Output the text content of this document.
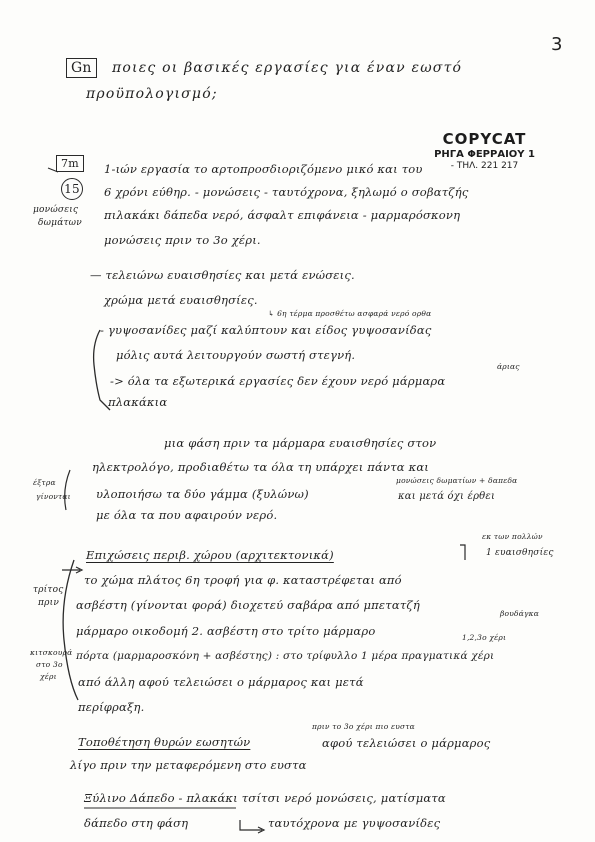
3
COPYCAT
ΡΗΓΑ ΦΕΡΡΑΙΟΥ 1
- ΤΗΛ. 221 217
Gn	ποιες οι βασικές εργασίες για έναν εωστό
προϋπολογισμό;
7m
15
μονώσεις
δωμάτων
έξτρα
γίνονται
τρίτος
πριν
κιτσκουρά
στο 3ο
χέρι
1-ιών εργασία το αρτοπροσδιοριζόμενο μικό και του
6 χρόνι εύθηρ. - μονώσεις - ταυτόχρονα, ξηλωμό ο σοβατζής
πιλακάκι δάπεδα νερό, άσφαλτ επιφάνεια - μαρμαρόσκονη
μονώσεις πριν το 3ο χέρι.
— τελειώνω ευαισθησίες και μετά ενώσεις.
χρώμα μετά ευαισθησίες.
↳ 6η τέρμα προσθέτω ασφαρά νερό ορθα
- γυψοσανίδες μαζί καλύπτουν και είδος γυψοσανίδας
μόλις αυτά λειτουργούν σωστή στεγνή.
-> όλα τα εξωτερικά εργασίες δεν έχουν νερό μάρμαρα
άριας
πλακάκια
μια φάση πριν τα μάρμαρα ευαισθησίες στον
ηλεκτρολόγο, προδιαθέτω τα όλα τη υπάρχει πάντα και
υλοποιήσω τα δύο γάμμα (ξυλώνω)
μονώσεις δωματίων + δαπεδα
με όλα τα που αφαιρούν νερό.
και μετά όχι έρθει
Επιχώσεις περιβ. χώρου (αρχιτεκτονικά)
εκ των πολλών
1 ευαισθησίες
το χώμα πλάτος 6η τροφή για φ. καταστρέφεται από
ασβέστη (γίνονται φορά) διοχετεύ σαβάρα από μπετατζή
βουδάγκα
μάρμαρο οικοδομή 2. ασβέστη στο τρίτο μάρμαρο	1,2,3ο χέρι
πόρτα (μαρμαροσκόνη + ασβέστης) : στο τρίφυλλο 1 μέρα πραγματικά χέρι
από άλλη αφού τελειώσει ο μάρμαρος και μετά
περίφραξη.
Τοποθέτηση θυρών εωσητών
πριν το 3ο χέρι πιο ευστα
αφού τελειώσει ο μάρμαρος
λίγο πριν την μεταφερόμενη στο ευστα
Ξύλινο Δάπεδο - πλακάκι τσίτσι νερό μονώσεις, ματίσματα
δάπεδο στη φάση	ταυτόχρονα με γυψοσανίδες
